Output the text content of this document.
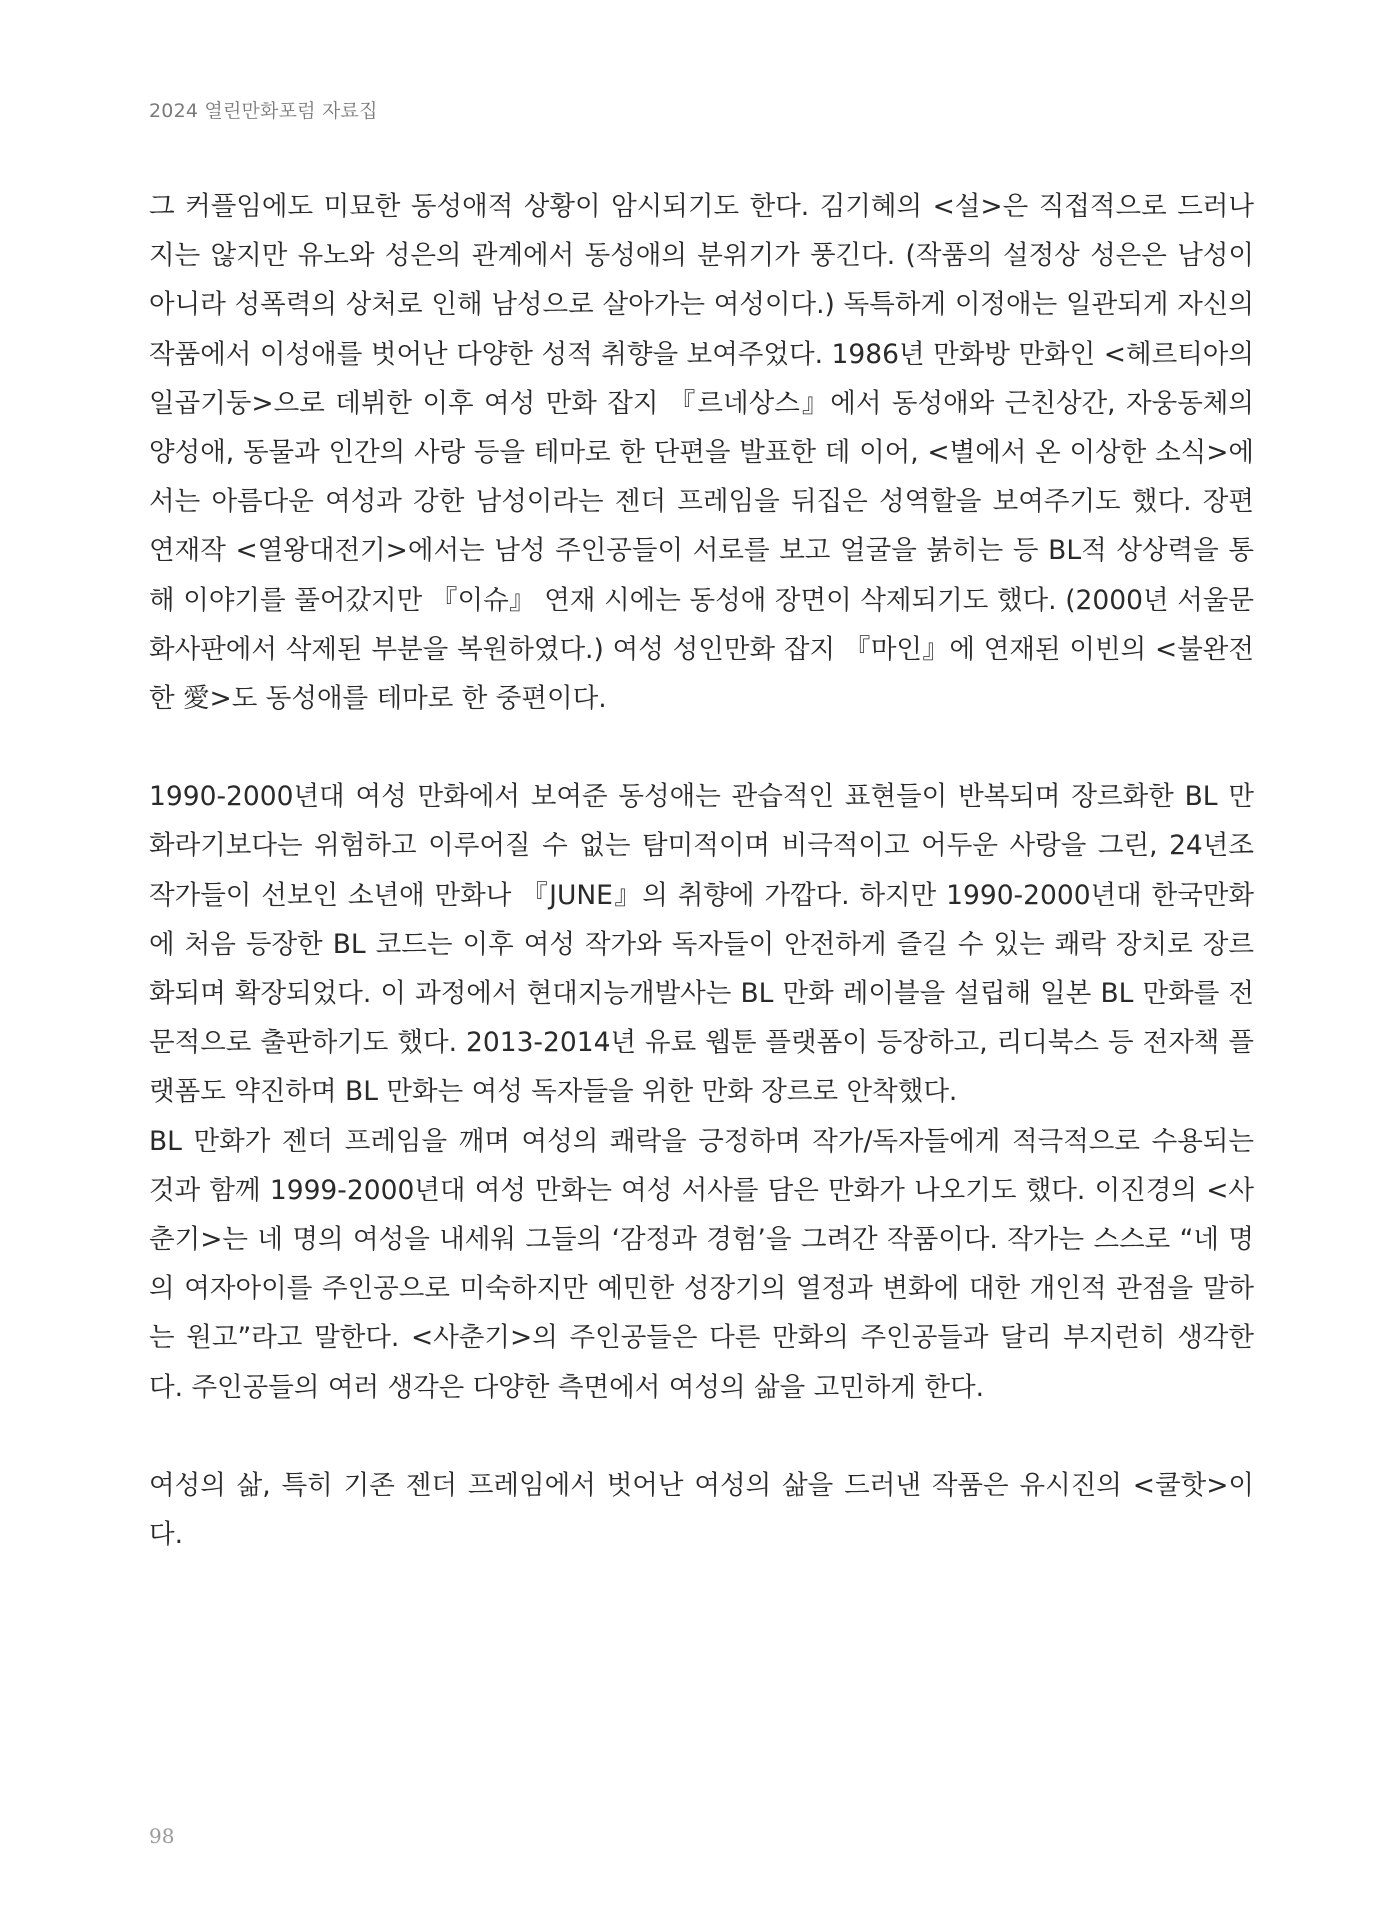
2024 열린만화포럼 자료집

그 커플임에도 미묘한 동성애적 상황이 암시되기도 한다. 김기혜의 <설>은 직접적으로 드러나지는 않지만 유노와 성은의 관계에서 동성애의 분위기가 풍긴다. (작품의 설정상 성은은 남성이 아니라 성폭력의 상처로 인해 남성으로 살아가는 여성이다.) 독특하게 이정애는 일관되게 자신의 작품에서 이성애를 벗어난 다양한 성적 취향을 보여주었다. 1986년 만화방 만화인 <헤르티아의 일곱기둥>으로 데뷔한 이후 여성 만화 잡지 『르네상스』에서 동성애와 근친상간, 자웅동체의 양성애, 동물과 인간의 사랑 등을 테마로 한 단편을 발표한 데 이어, <별에서 온 이상한 소식>에서는 아름다운 여성과 강한 남성이라는 젠더 프레임을 뒤집은 성역할을 보여주기도 했다. 장편 연재작 <열왕대전기>에서는 남성 주인공들이 서로를 보고 얼굴을 붉히는 등 BL적 상상력을 통해 이야기를 풀어갔지만 『이슈』 연재 시에는 동성애 장면이 삭제되기도 했다. (2000년 서울문화사판에서 삭제된 부분을 복원하였다.) 여성 성인만화 잡지 『마인』에 연재된 이빈의 <불완전한 愛>도 동성애를 테마로 한 중편이다.

1990-2000년대 여성 만화에서 보여준 동성애는 관습적인 표현들이 반복되며 장르화한 BL 만화라기보다는 위험하고 이루어질 수 없는 탐미적이며 비극적이고 어두운 사랑을 그린, 24년조 작가들이 선보인 소년애 만화나 『JUNE』의 취향에 가깝다. 하지만 1990-2000년대 한국만화에 처음 등장한 BL 코드는 이후 여성 작가와 독자들이 안전하게 즐길 수 있는 쾌락 장치로 장르화되며 확장되었다. 이 과정에서 현대지능개발사는 BL 만화 레이블을 설립해 일본 BL 만화를 전문적으로 출판하기도 했다. 2013-2014년 유료 웹툰 플랫폼이 등장하고, 리디북스 등 전자책 플랫폼도 약진하며 BL 만화는 여성 독자들을 위한 만화 장르로 안착했다.

BL 만화가 젠더 프레임을 깨며 여성의 쾌락을 긍정하며 작가/독자들에게 적극적으로 수용되는 것과 함께 1999-2000년대 여성 만화는 여성 서사를 담은 만화가 나오기도 했다. 이진경의 <사춘기>는 네 명의 여성을 내세워 그들의 ‘감정과 경험’을 그려간 작품이다. 작가는 스스로 “네 명의 여자아이를 주인공으로 미숙하지만 예민한 성장기의 열정과 변화에 대한 개인적 관점을 말하는 원고”라고 말한다. <사춘기>의 주인공들은 다른 만화의 주인공들과 달리 부지런히 생각한다. 주인공들의 여러 생각은 다양한 측면에서 여성의 삶을 고민하게 한다.

여성의 삶, 특히 기존 젠더 프레임에서 벗어난 여성의 삶을 드러낸 작품은 유시진의 <쿨핫>이다.

98
